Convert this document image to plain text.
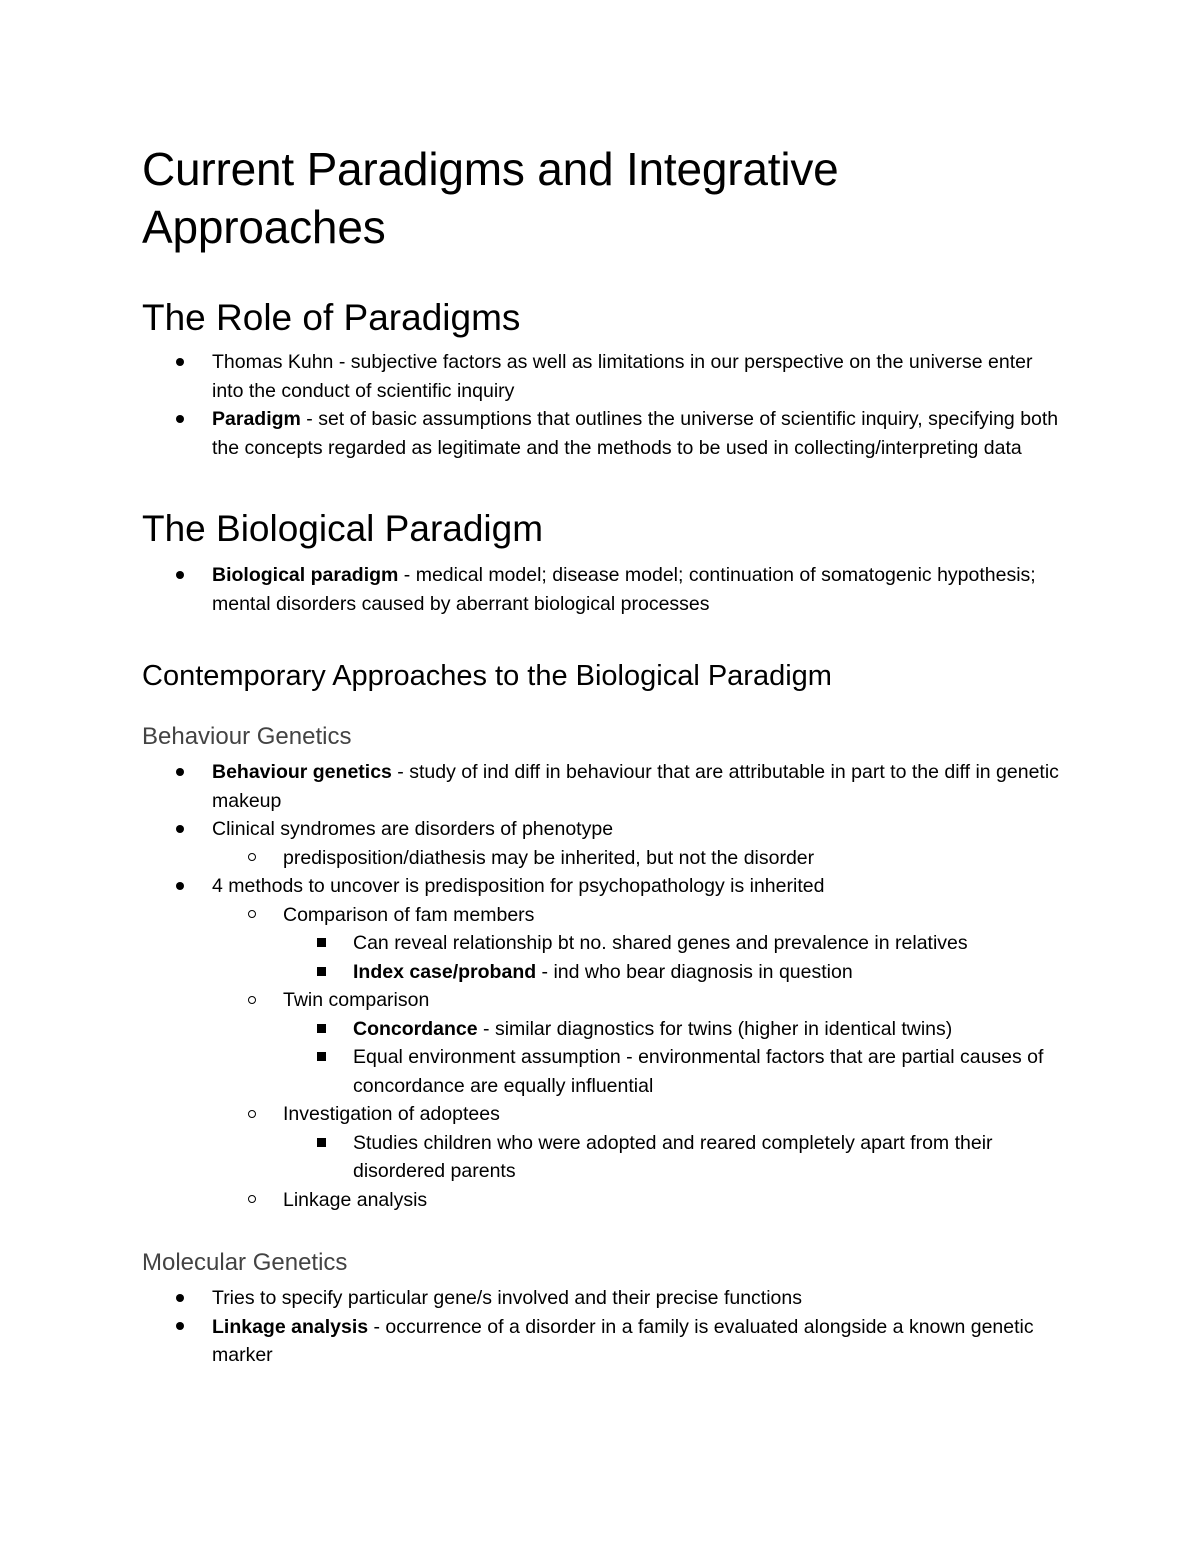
Current Paradigms and Integrative Approaches
The Role of Paradigms
Thomas Kuhn - subjective factors as well as limitations in our perspective on the universe enter into the conduct of scientific inquiry
Paradigm - set of basic assumptions that outlines the universe of scientific inquiry, specifying both the concepts regarded as legitimate and the methods to be used in collecting/interpreting data
The Biological Paradigm
Biological paradigm - medical model; disease model; continuation of somatogenic hypothesis; mental disorders caused by aberrant biological processes
Contemporary Approaches to the Biological Paradigm
Behaviour Genetics
Behaviour genetics - study of ind diff in behaviour that are attributable in part to the diff in genetic makeup
Clinical syndromes are disorders of phenotype
predisposition/diathesis may be inherited, but not the disorder
4 methods to uncover is predisposition for psychopathology is inherited
Comparison of fam members
Can reveal relationship bt no. shared genes and prevalence in relatives
Index case/proband - ind who bear diagnosis in question
Twin comparison
Concordance - similar diagnostics for twins (higher in identical twins)
Equal environment assumption - environmental factors that are partial causes of concordance are equally influential
Investigation of adoptees
Studies children who were adopted and reared completely apart from their disordered parents
Linkage analysis
Molecular Genetics
Tries to specify particular gene/s involved and their precise functions
Linkage analysis - occurrence of a disorder in a family is evaluated alongside a known genetic marker
